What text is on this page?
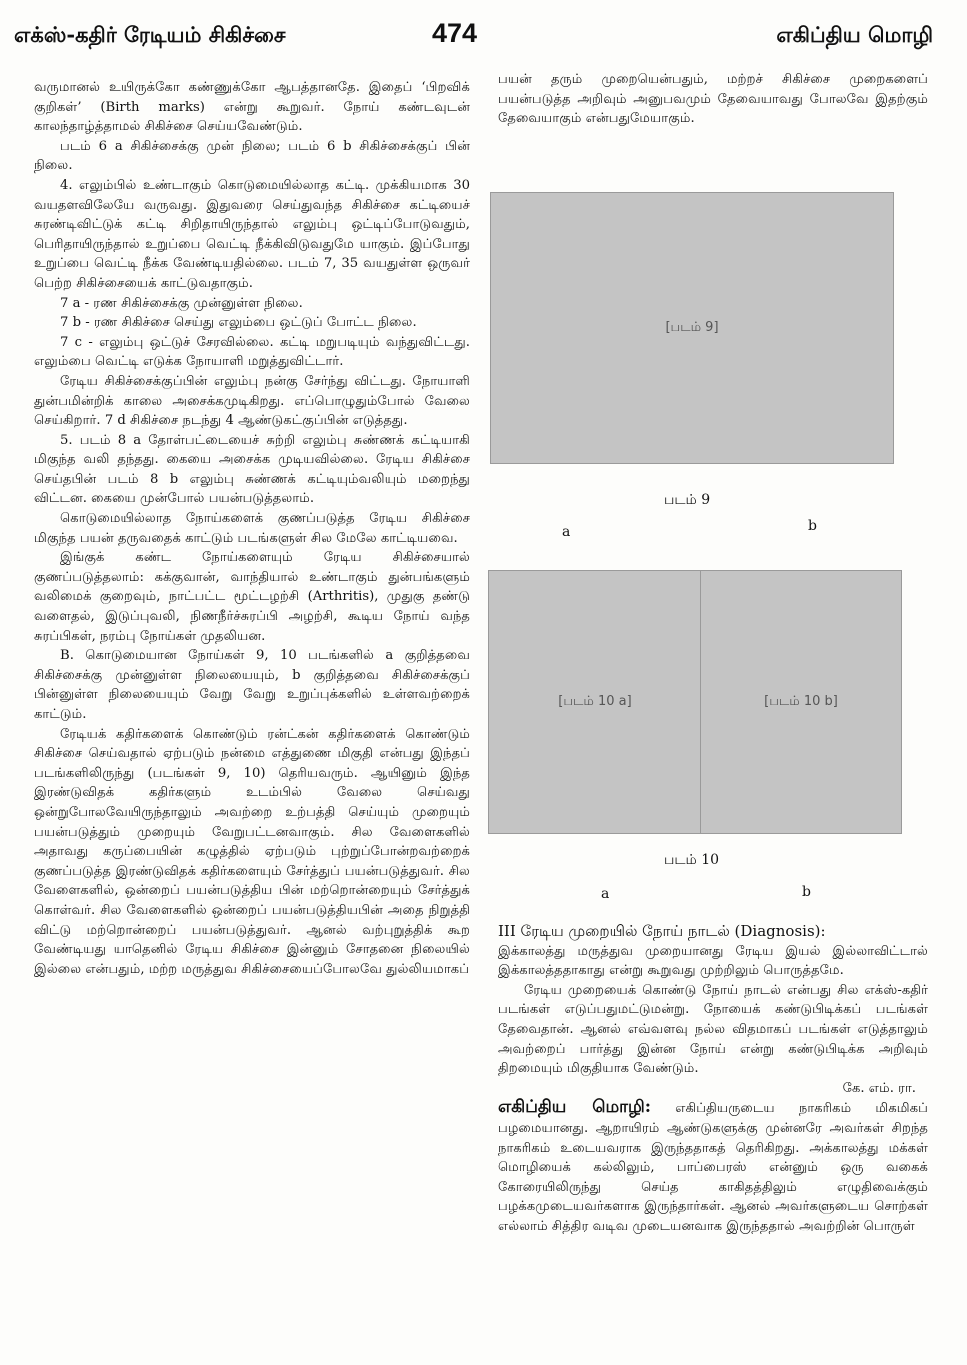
எக்ஸ்-கதிர் ரேடியம் சிகிச்சை	474	எகிப்திய மொழி

வருமானல் உயிருக்கோ கண்ணுக்கோ ஆபத்தானதே. இதைப் ‘பிறவிக் குறிகள்’ (Birth marks) என்று கூறுவர். நோய் கண்டவுடன் காலந்தாழ்த்தாமல் சிகிச்சை செய்யவேண்டும்.

படம் 6 a சிகிச்சைக்கு முன் நிலை; படம் 6 b சிகிச்சைக்குப் பின் நிலை.

4. எலும்பில் உண்டாகும் கொடுமையில்லாத கட்டி. முக்கியமாக 30 வயதளவிலேயே வருவது. இதுவரை செய்துவந்த சிகிச்சை கட்டியைச் சுரண்டிவிட்டுக் கட்டி சிறிதாயிருந்தால் எலும்பு ஒட்டிப்போடுவதும், பெரிதாயிருந்தால் உறுப்பை வெட்டி நீக்கிவிடுவதுமே யாகும். இப்போது உறுப்பை வெட்டி நீக்க வேண்டியதில்லை. படம் 7, 35 வயதுள்ள ஒருவர் பெற்ற சிகிச்சையைக் காட்டுவதாகும்.

7 a - ரண சிகிச்சைக்கு முன்னுள்ள நிலை.

7 b - ரண சிகிச்சை செய்து எலும்பை ஒட்டுப் போட்ட நிலை.

7 c - எலும்பு ஒட்டுச் சேரவில்லை. கட்டி மறுபடியும் வந்துவிட்டது. எலும்பை வெட்டி எடுக்க நோயாளி மறுத்துவிட்டார்.

ரேடிய சிகிச்சைக்குப்பின் எலும்பு நன்கு சேர்ந்து விட்டது. நோயாளி துன்பமின்றிக் காலை அசைக்கமுடிகிறது. எப்பொழுதும்போல் வேலை செய்கிறார். 7 d சிகிச்சை நடந்து 4 ஆண்டுகட்குப்பின் எடுத்தது.

5. படம் 8 a தோள்பட்டையைச் சுற்றி எலும்பு சுண்ணக் கட்டியாகி மிகுந்த வலி தந்தது. கையை அசைக்க முடியவில்லை. ரேடிய சிகிச்சை செய்தபின் படம் 8 b எலும்பு சுண்ணக் கட்டியும்வலியும் மறைந்து விட்டன. கையை முன்போல் பயன்படுத்தலாம்.

கொடுமையில்லாத நோய்களைக் குணப்படுத்த ரேடிய சிகிச்சை மிகுந்த பயன் தருவதைக் காட்டும் படங்களுள் சில மேலே காட்டியவை.

இங்குக் கண்ட நோய்களையும் ரேடிய சிகிச்சையால் குணப்படுத்தலாம்: கக்குவான், வாந்தியால் உண்டாகும் துன்பங்களும் வலிமைக் குறைவும், நாட்பட்ட மூட்டழற்சி (Arthritis), முதுகு தண்டு வளைதல், இடுப்புவலி, நிணநீர்ச்சுரப்பி அழற்சி, கூடிய நோய் வந்த சுரப்பிகள், நரம்பு நோய்கள் முதலியன.

B. கொடுமையான நோய்கள் 9, 10 படங்களில் a குறித்தவை சிகிச்சைக்கு முன்னுள்ள நிலையையும், b குறித்தவை சிகிச்சைக்குப் பின்னுள்ள நிலையையும் வேறு வேறு உறுப்புக்களில் உள்ளவற்றைக் காட்டும்.

ரேடியக் கதிர்களைக் கொண்டும் ரன்ட்கன் கதிர்களைக் கொண்டும் சிகிச்சை செய்வதால் ஏற்படும் நன்மை எத்துணை மிகுதி என்பது இந்தப் படங்களிலிருந்து (படங்கள் 9, 10) தெரியவரும். ஆயினும் இந்த இரண்டுவிதக் கதிர்களும் உடம்பில் வேலை செய்வது ஒன்றுபோலவேயிருந்தாலும் அவற்றை உற்பத்தி செய்யும் முறையும் பயன்படுத்தும் முறையும் வேறுபட்டனவாகும். சில வேளைகளில் அதாவது கருப்பையின் கழுத்தில் ஏற்படும் புற்றுப்போன்றவற்றைக் குணப்படுத்த இரண்டுவிதக் கதிர்களையும் சேர்த்துப் பயன்படுத்துவர். சில வேளைகளில், ஒன்றைப் பயன்படுத்திய பின் மற்றொன்றையும் சேர்த்துக் கொள்வர். சில வேளைகளில் ஒன்றைப் பயன்படுத்தியபின் அதை நிறுத்தி விட்டு மற்றொன்றைப் பயன்படுத்துவர். ஆனல் வற்புறுத்திக் கூற வேண்டியது யாதெனில் ரேடிய சிகிச்சை இன்னும் சோதனை நிலையில் இல்லை என்பதும், மற்ற மருத்துவ சிகிச்சையைப்போலவே துல்லியமாகப்

பயன் தரும் முறையென்பதும், மற்றச் சிகிச்சை முறைகளைப் பயன்படுத்த அறிவும் அனுபவமும் தேவையாவது போலவே இதற்கும் தேவையாகும் என்பதுமேயாகும்.

[படம் 9]
படம் 9
a	b
[படம் 10 a]	[படம் 10 b]
படம் 10
a	b

III ரேடிய முறையில் நோய் நாடல் (Diagnosis):

இக்காலத்து மருத்துவ முறையானது ரேடிய இயல் இல்லாவிட்டால் இக்காலத்ததாகாது என்று கூறுவது முற்றிலும் பொருத்தமே.

ரேடிய முறையைக் கொண்டு நோய் நாடல் என்பது சில எக்ஸ்-கதிர் படங்கள் எடுப்பதுமட்டுமன்று. நோயைக் கண்டுபிடிக்கப் படங்கள் தேவைதான். ஆனல் எவ்வளவு நல்ல விதமாகப் படங்கள் எடுத்தாலும் அவற்றைப் பார்த்து இன்ன நோய் என்று கண்டுபிடிக்க அறிவும் திறமையும் மிகுதியாக வேண்டும்.

கே. எம். ரா.

எகிப்திய மொழி: எகிப்தியருடைய நாகரிகம் மிகமிகப் பழமையானது. ஆறாயிரம் ஆண்டுகளுக்கு முன்னரே அவர்கள் சிறந்த நாகரிகம் உடையவராக இருந்ததாகத் தெரிகிறது. அக்காலத்து மக்கள் மொழியைக் கல்லிலும், பாப்பைரஸ் என்னும் ஒரு வகைக் கோரையிலிருந்து செய்த காகிதத்திலும் எழுதிவைக்கும் பழக்கமுடையவர்களாக இருந்தார்கள். ஆனல் அவர்களுடைய சொற்கள் எல்லாம் சித்திர வடிவ முடையனவாக இருந்ததால் அவற்றின் பொருள்
